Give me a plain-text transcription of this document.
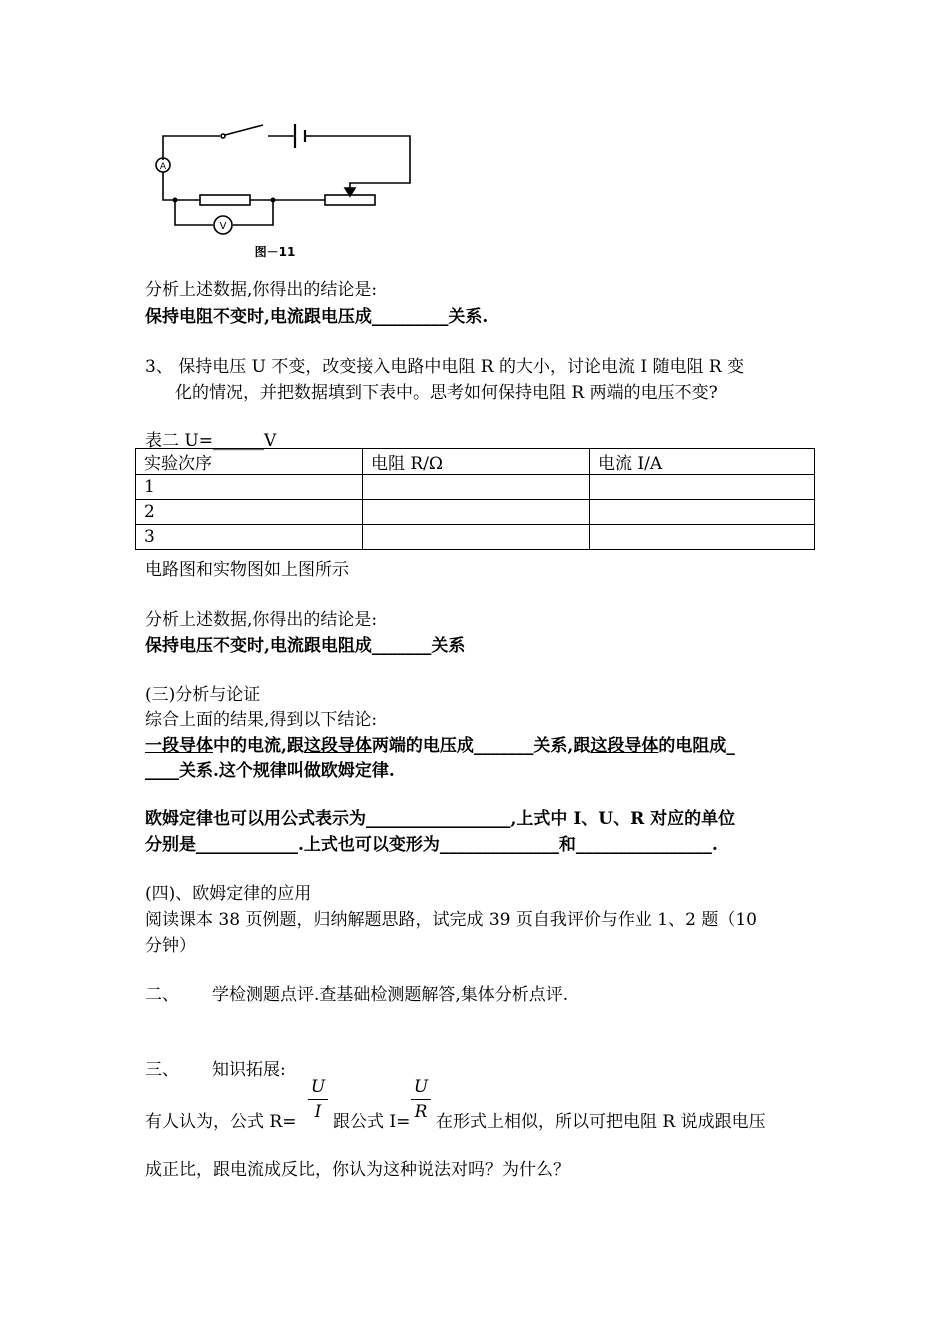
A
V
图－11
分析上述数据,你得出的结论是:
保持电阻不变时,电流跟电压成_________关系.
3、 保持电压 U 不变，改变接入电路中电阻 R 的大小，讨论电流 I 随电阻 R 变
化的情况，并把数据填到下表中。思考如何保持电阻 R 两端的电压不变?
表二 U=______V
实验次序	电阻 R/Ω	电流 I/A
1		
2		
3		
电路图和实物图如上图所示
分析上述数据,你得出的结论是:
保持电压不变时,电流跟电阻成_______关系
(三)分析与论证
综合上面的结果,得到以下结论:
一段导体中的电流,跟这段导体两端的电压成_______关系,跟这段导体的电阻成_
____关系.这个规律叫做欧姆定律.
欧姆定律也可以用公式表示为_________________,上式中 I、U、R 对应的单位
分别是____________.上式也可以变形为______________和________________.
(四)、欧姆定律的应用
阅读课本 38 页例题，归纳解题思路，试完成 39 页自我评价与作业 1、2 题（10
分钟）
二、 学检测题点评.查基础检测题解答,集体分析点评.
三、 知识拓展:
U
I
U
R
有人认为，公式 R= 跟公式 I= 在形式上相似，所以可把电阻 R 说成跟电压
成正比，跟电流成反比，你认为这种说法对吗？为什么？
